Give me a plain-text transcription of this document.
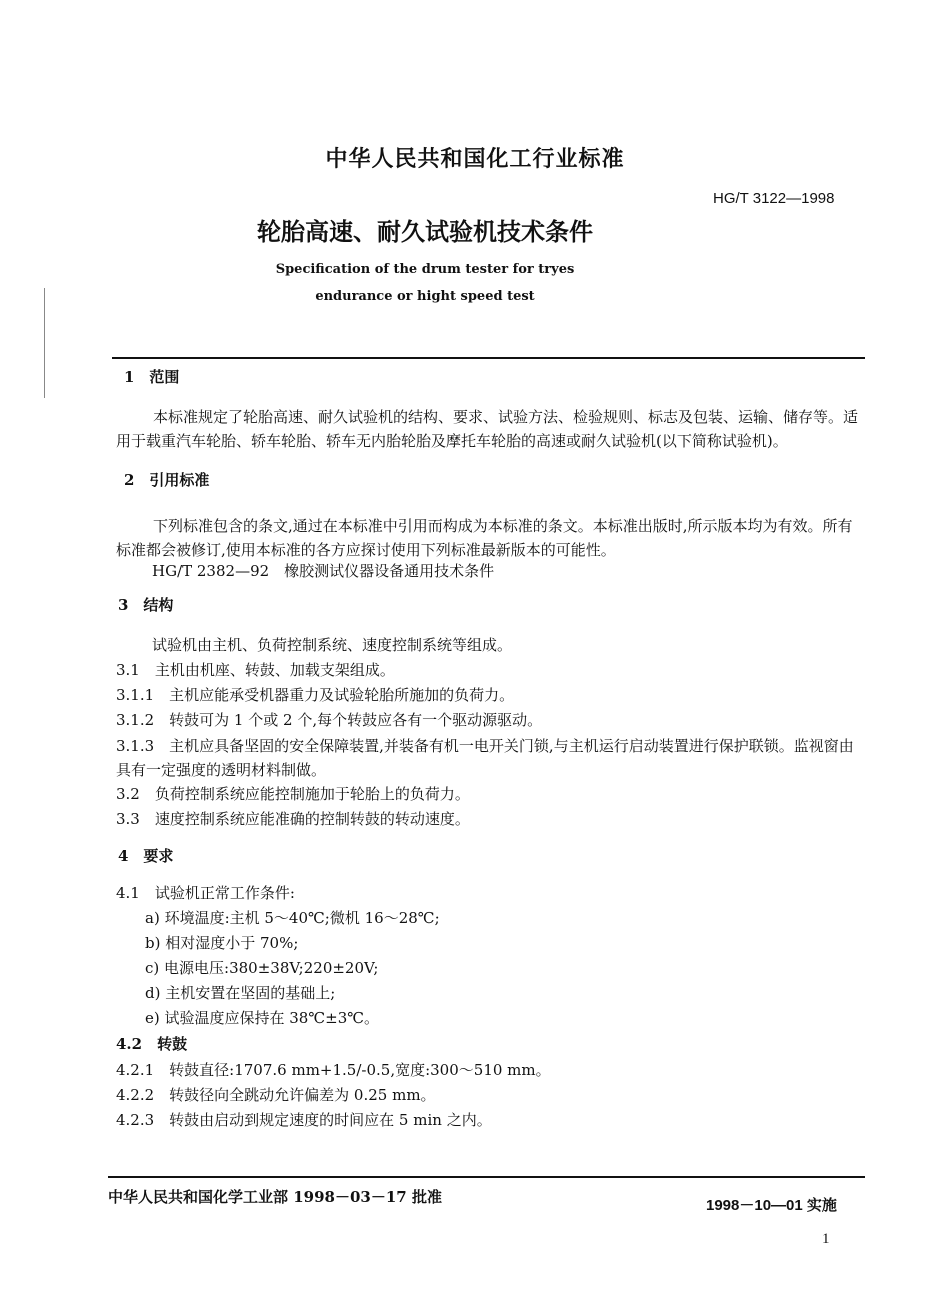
中华人民共和国化工行业标准
HG/T 3122—1998
轮胎高速、耐久试验机技术条件
Specification of the drum tester for tryes
endurance or hight speed test
1　范围
本标准规定了轮胎高速、耐久试验机的结构、要求、试验方法、检验规则、标志及包装、运输、储存等。适用于载重汽车轮胎、轿车轮胎、轿车无内胎轮胎及摩托车轮胎的高速或耐久试验机(以下简称试验机)。
2　引用标准
下列标准包含的条文,通过在本标准中引用而构成为本标准的条文。本标准出版时,所示版本均为有效。所有标准都会被修订,使用本标准的各方应探讨使用下列标准最新版本的可能性。
HG/T 2382—92　橡胶测试仪器设备通用技术条件
3　结构
试验机由主机、负荷控制系统、速度控制系统等组成。
3.1　主机由机座、转鼓、加载支架组成。
3.1.1　主机应能承受机器重力及试验轮胎所施加的负荷力。
3.1.2　转鼓可为 1 个或 2 个,每个转鼓应各有一个驱动源驱动。
3.1.3　主机应具备坚固的安全保障装置,并装备有机一电开关门锁,与主机运行启动装置进行保护联锁。监视窗由具有一定强度的透明材料制做。
3.2　负荷控制系统应能控制施加于轮胎上的负荷力。
3.3　速度控制系统应能准确的控制转鼓的转动速度。
4　要求
4.1　试验机正常工作条件:
a) 环境温度:主机 5～40℃;微机 16～28℃;
b) 相对湿度小于 70%;
c) 电源电压:380±38V;220±20V;
d) 主机安置在坚固的基础上;
e) 试验温度应保持在 38℃±3℃。
4.2　转鼓
4.2.1　转鼓直径:1707.6 mm+1.5/-0.5,宽度:300～510 mm。
4.2.2　转鼓径向全跳动允许偏差为 0.25 mm。
4.2.3　转鼓由启动到规定速度的时间应在 5 min 之内。
中华人民共和国化学工业部 1998－03－17 批准	1998－10—01 实施
1
